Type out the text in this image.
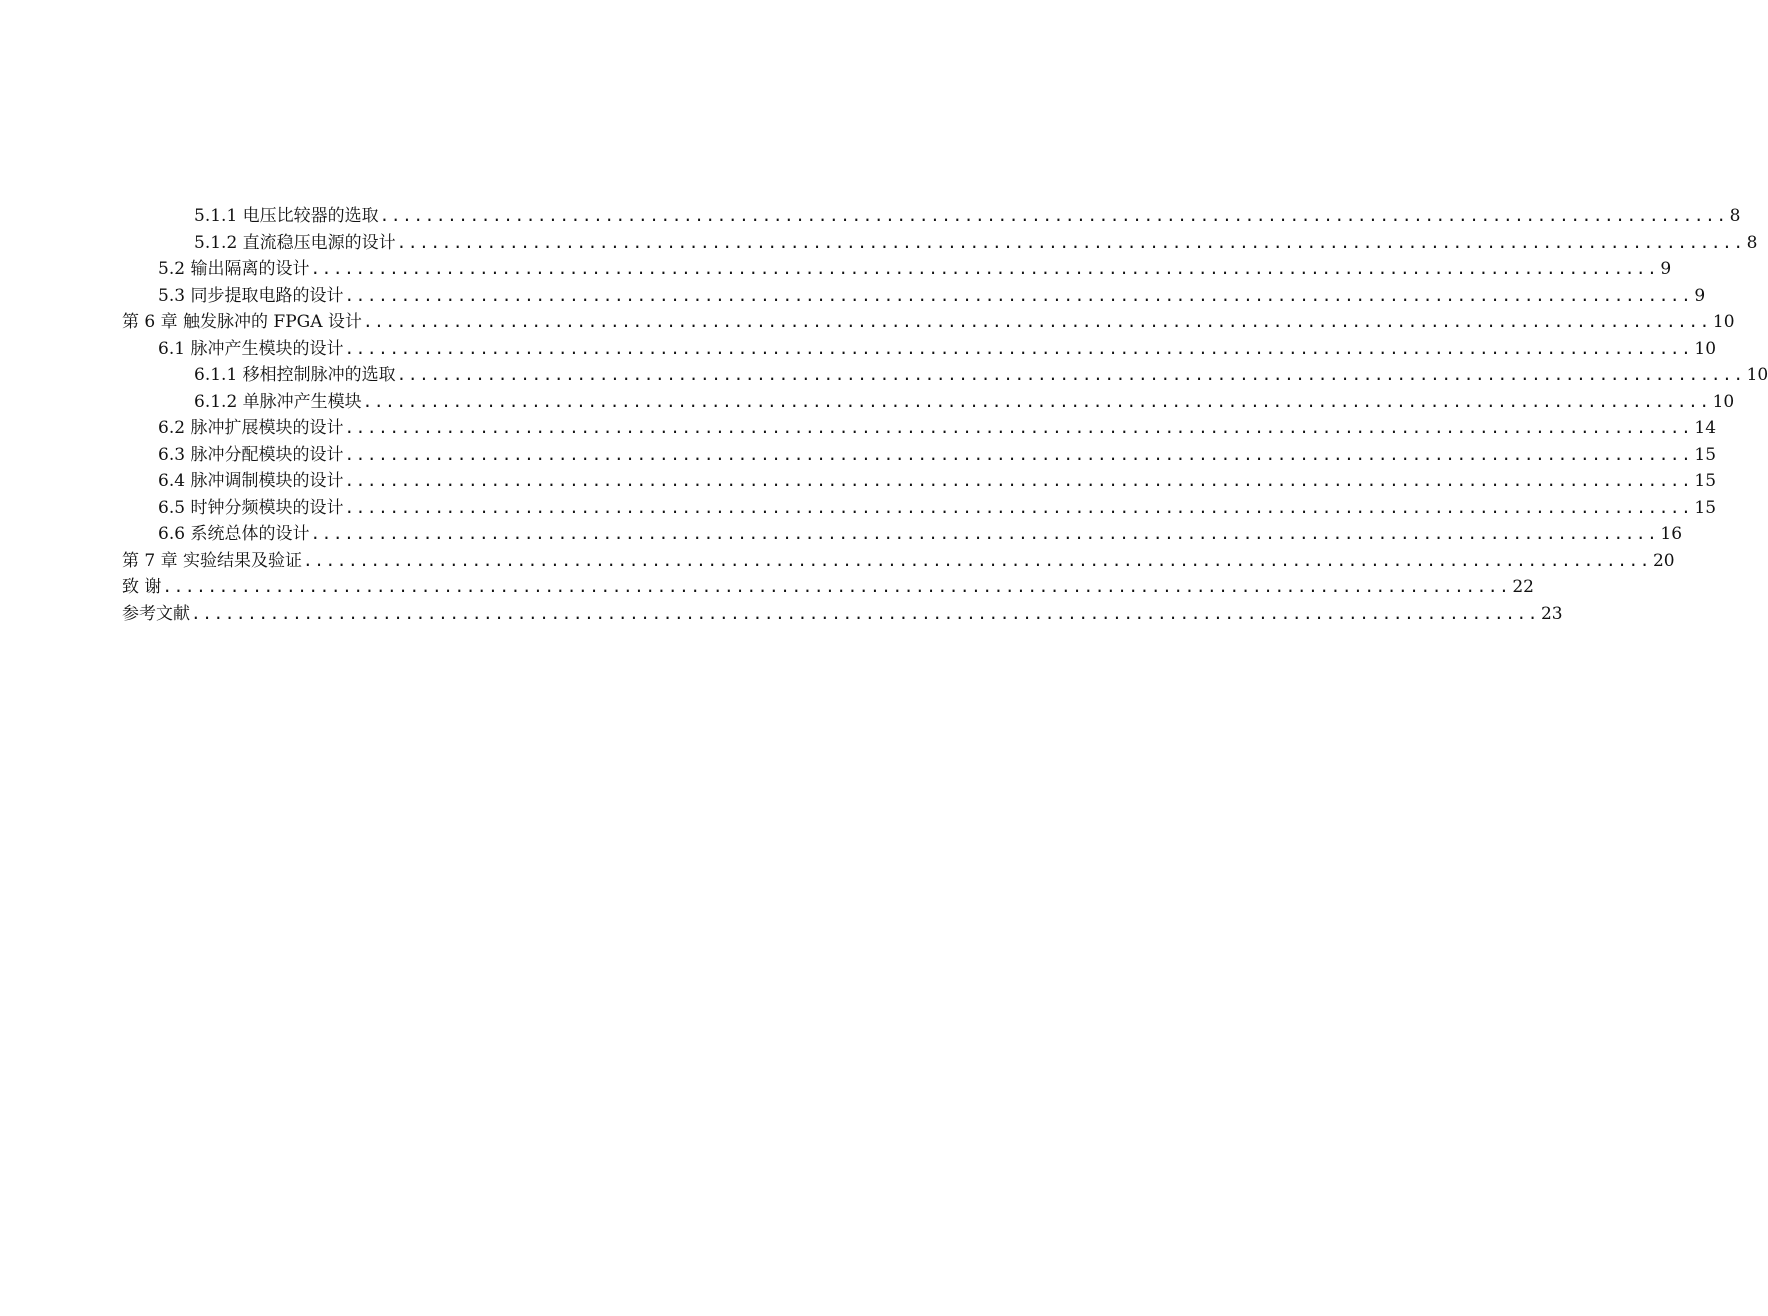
5.1.1 电压比较器的选取 ........................................................................................................................ 8
5.1.2 直流稳压电源的设计 ........................................................................................................................ 8
5.2 输出隔离的设计 ........................................................................................................................ 9
5.3 同步提取电路的设计 ........................................................................................................................ 9
第 6 章 触发脉冲的 FPGA 设计 ........................................................................................................................ 10
6.1 脉冲产生模块的设计 ........................................................................................................................ 10
6.1.1 移相控制脉冲的选取 ........................................................................................................................ 10
6.1.2 单脉冲产生模块 ........................................................................................................................ 10
6.2 脉冲扩展模块的设计 ........................................................................................................................ 14
6.3 脉冲分配模块的设计 ........................................................................................................................ 15
6.4 脉冲调制模块的设计 ........................................................................................................................ 15
6.5 时钟分频模块的设计 ........................................................................................................................ 15
6.6 系统总体的设计 ........................................................................................................................ 16
第 7 章 实验结果及验证 ........................................................................................................................ 20
致 谢 ........................................................................................................................ 22
参考文献 ........................................................................................................................ 23
